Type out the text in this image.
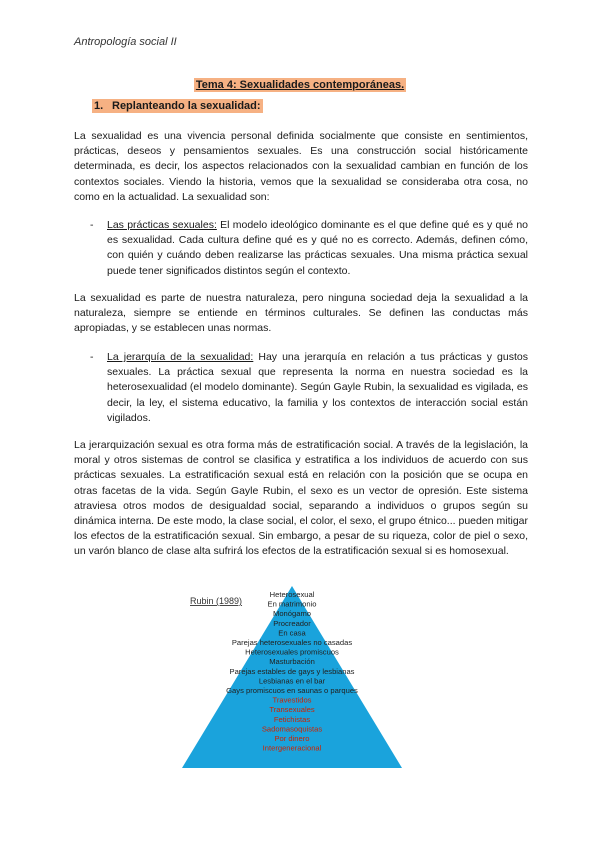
Antropología social II
Tema 4: Sexualidades contemporáneas.
1. Replanteando la sexualidad:

La sexualidad es una vivencia personal definida socialmente que consiste en sentimientos, prácticas, deseos y pensamientos sexuales. Es una construcción social históricamente determinada, es decir, los aspectos relacionados con la sexualidad cambian en función de los contextos sociales. Viendo la historia, vemos que la sexualidad se consideraba otra cosa, no como en la actualidad. La sexualidad son:

- Las prácticas sexuales: El modelo ideológico dominante es el que define qué es y qué no es sexualidad. Cada cultura define qué es y qué no es correcto. Además, definen cómo, con quién y cuándo deben realizarse las prácticas sexuales. Una misma práctica sexual puede tener significados distintos según el contexto.

La sexualidad es parte de nuestra naturaleza, pero ninguna sociedad deja la sexualidad a la naturaleza, siempre se entiende en términos culturales. Se definen las conductas más apropiadas, y se establecen unas normas.

- La jerarquía de la sexualidad: Hay una jerarquía en relación a tus prácticas y gustos sexuales. La práctica sexual que representa la norma en nuestra sociedad es la heterosexualidad (el modelo dominante). Según Gayle Rubin, la sexualidad es vigilada, es decir, la ley, el sistema educativo, la familia y los contextos de interacción social están vigilados.

La jerarquización sexual es otra forma más de estratificación social. A través de la legislación, la moral y otros sistemas de control se clasifica y estratifica a los individuos de acuerdo con sus prácticas sexuales. La estratificación sexual está en relación con la posición que se ocupa en otras facetas de la vida. Según Gayle Rubin, el sexo es un vector de opresión. Este sistema atraviesa otros modos de desigualdad social, separando a individuos o grupos según su dinámica interna. De este modo, la clase social, el color, el sexo, el grupo étnico... pueden mitigar los efectos de la estratificación sexual. Sin embargo, a pesar de su riqueza, color de piel o sexo, un varón blanco de clase alta sufrirá los efectos de la estratificación sexual si es homosexual.

Rubin (1989)
Heterosexual
En matrimonio
Monógamo
Procreador
En casa
Parejas heterosexuales no casadas
Heterosexuales promiscuos
Masturbación
Parejas estables de gays y lesbianas
Lesbianas en el bar
Gays promiscuos en saunas o parques
Travestidos
Transexuales
Fetichistas
Sadomasoquistas
Por dinero
Intergeneracional
